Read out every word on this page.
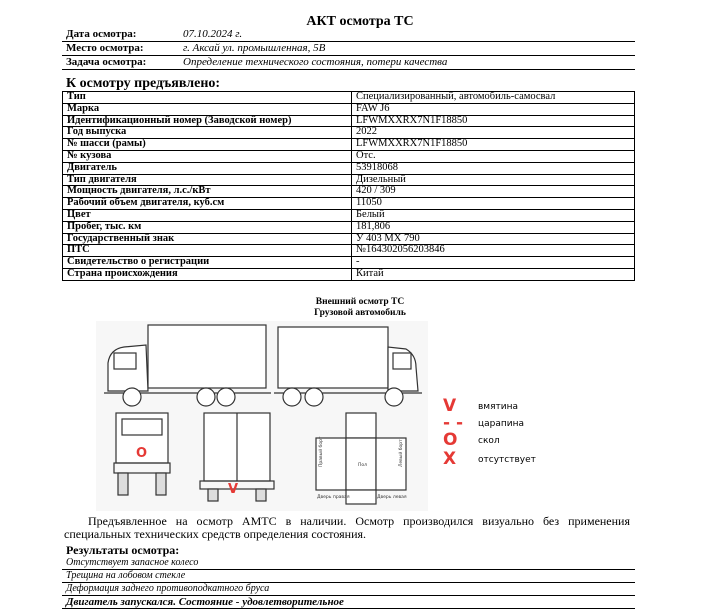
АКТ осмотра ТС
Дата осмотра:	07.10.2024 г.
Место осмотра:	г. Аксай ул. промышленная, 5В
Задача осмотра:	Определение технического состояния, потери качества
К осмотру предъявлено:
Тип	Специализированный, автомобиль-самосвал
Марка	FAW J6
Идентификационный номер (Заводской номер)	LFWMXXRX7N1F18850
Год выпуска	2022
№ шасси (рамы)	LFWMXXRX7N1F18850
№ кузова	Отс.
Двигатель	53918068
Тип двигателя	Дизельный
Мощность двигателя, л.с./кВт	420 / 309
Рабочий объем двигателя, куб.см	11050
Цвет	Белый
Пробег, тыс. км	181,806
Государственный знак	У 403 МХ 790
ПТС	№164302056203846
Свидетельство о регистрации	-
Страна происхождения	Китай
Внешний осмотр ТС
Грузовой автомобиль
Правый борт	Левый борт
Дверь правая	Дверь левая
Пол
O
V
V вмятина
- - царапина
O скол
X отсутствует
Предъявленное на осмотр АМТС в наличии. Осмотр производился визуально без применения специальных технических средств определения состояния.
Результаты осмотра:
Отсутствует запасное колесо
Трещина на лобовом стекле
Деформация заднего противоподкатного бруса
Двигатель запускался. Состояние - удовлетворительное
